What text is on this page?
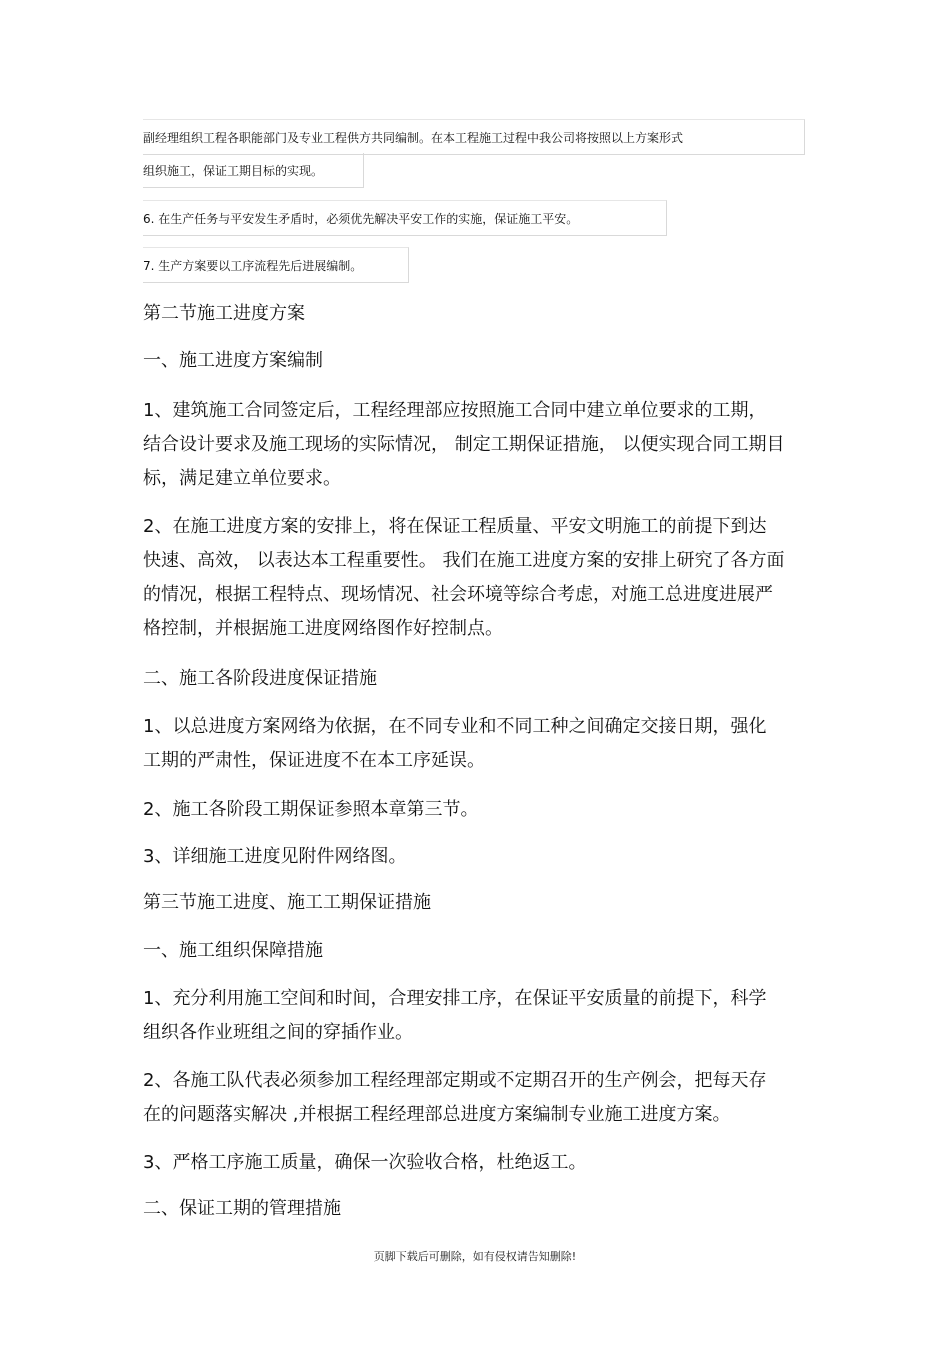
副经理组织工程各职能部门及专业工程供方共同编制。在本工程施工过程中我公司将按照以上方案形式
组织施工，保证工期目标的实现。
6. 在生产任务与平安发生矛盾时，必须优先解决平安工作的实施，保证施工平安。
7. 生产方案要以工序流程先后进展编制。
第二节施工进度方案
一、施工进度方案编制
1、建筑施工合同签定后，工程经理部应按照施工合同中建立单位要求的工期，
结合设计要求及施工现场的实际情况， 制定工期保证措施， 以便实现合同工期目
标，满足建立单位要求。
2、在施工进度方案的安排上，将在保证工程质量、平安文明施工的前提下到达
快速、高效， 以表达本工程重要性。 我们在施工进度方案的安排上研究了各方面
的情况，根据工程特点、现场情况、社会环境等综合考虑，对施工总进度进展严
格控制，并根据施工进度网络图作好控制点。
二、施工各阶段进度保证措施
1、以总进度方案网络为依据，在不同专业和不同工种之间确定交接日期，强化
工期的严肃性，保证进度不在本工序延误。
2、施工各阶段工期保证参照本章第三节。
3、详细施工进度见附件网络图。
第三节施工进度、施工工期保证措施
一、施工组织保障措施
1、充分利用施工空间和时间，合理安排工序，在保证平安质量的前提下，科学
组织各作业班组之间的穿插作业。
2、各施工队代表必须参加工程经理部定期或不定期召开的生产例会，把每天存
在的问题落实解决 ,并根据工程经理部总进度方案编制专业施工进度方案。
3、严格工序施工质量，确保一次验收合格，杜绝返工。
二、保证工期的管理措施
页脚下载后可删除，如有侵权请告知删除!
